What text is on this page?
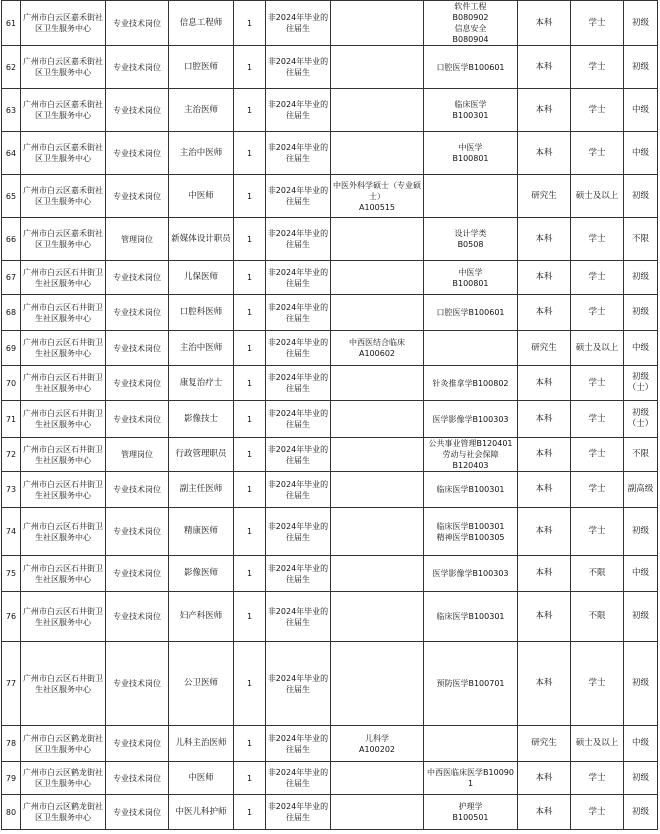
61	广州市白云区嘉禾街社
区卫生服务中心	专业技术岗位	信息工程师	1	非2024年毕业的
往届生		软件工程
B080902
信息安全
B080904	本科	学士	初级

62	广州市白云区嘉禾街社
区卫生服务中心	专业技术岗位	口腔医师	1	非2024年毕业的
往届生		口腔医学B100601	本科	学士	初级

63	广州市白云区嘉禾街社
区卫生服务中心	专业技术岗位	主治医师	1	非2024年毕业的
往届生		临床医学
B100301	本科	学士	中级

64	广州市白云区嘉禾街社
区卫生服务中心	专业技术岗位	主治中医师	1	非2024年毕业的
往届生		中医学
B100801	本科	学士	中级

65	广州市白云区嘉禾街社
区卫生服务中心	专业技术岗位	中医师	1	非2024年毕业的
往届生	中医外科学硕士（专业硕
士）
A100515		研究生	硕士及以上	初级

66	广州市白云区嘉禾街社
区卫生服务中心	管理岗位	新媒体设计职员	1	非2024年毕业的
往届生		设计学类
B0508	本科	学士	不限

67	广州市白云区石井街卫
生社区服务中心	专业技术岗位	儿保医师	1	非2024年毕业的
往届生		中医学
B100801	本科	学士	初级

68	广州市白云区石井街卫
生社区服务中心	专业技术岗位	口腔科医师	1	非2024年毕业的
往届生		口腔医学B100601	本科	学士	初级

69	广州市白云区石井街卫
生社区服务中心	专业技术岗位	主治中医师	1	非2024年毕业的
往届生	中西医结合临床
A100602		研究生	硕士及以上	中级

70	广州市白云区石井街卫
生社区服务中心	专业技术岗位	康复治疗士	1	非2024年毕业的
往届生		针灸推拿学B100802	本科	学士	初级
（士）

71	广州市白云区石井街卫
生社区服务中心	专业技术岗位	影像技士	1	非2024年毕业的
往届生		医学影像学B100303	本科	学士	初级
（士）

72	广州市白云区石井街卫
生社区服务中心	管理岗位	行政管理职员	1	非2024年毕业的
往届生		公共事业管理B120401
劳动与社会保障
B120403	本科	学士	不限

73	广州市白云区石井街卫
生社区服务中心	专业技术岗位	副主任医师	1	非2024年毕业的
往届生		临床医学B100301	本科	学士	副高级

74	广州市白云区石井街卫
生社区服务中心	专业技术岗位	精康医师	1	非2024年毕业的
往届生		临床医学B100301
精神医学B100305	本科	学士	初级

75	广州市白云区石井街卫
生社区服务中心	专业技术岗位	影像医师	1	非2024年毕业的
往届生		医学影像学B100303	本科	不限	中级

76	广州市白云区石井街卫
生社区服务中心	专业技术岗位	妇产科医师	1	非2024年毕业的
往届生		临床医学B100301	本科	不限	初级

77	广州市白云区石井街卫
生社区服务中心	专业技术岗位	公卫医师	1	非2024年毕业的
往届生		预防医学B100701	本科	学士	初级

78	广州市白云区鹤龙街社
区卫生服务中心	专业技术岗位	儿科主治医师	1	非2024年毕业的
往届生	儿科学
A100202		研究生	硕士及以上	中级

79	广州市白云区鹤龙街社
区卫生服务中心	专业技术岗位	中医师	1	非2024年毕业的
往届生		中西医临床医学B100901	本科	学士	初级

80	广州市白云区鹤龙街社
区卫生服务中心	专业技术岗位	中医儿科护师	1	非2024年毕业的
往届生		护理学
B100501	本科	学士	初级
